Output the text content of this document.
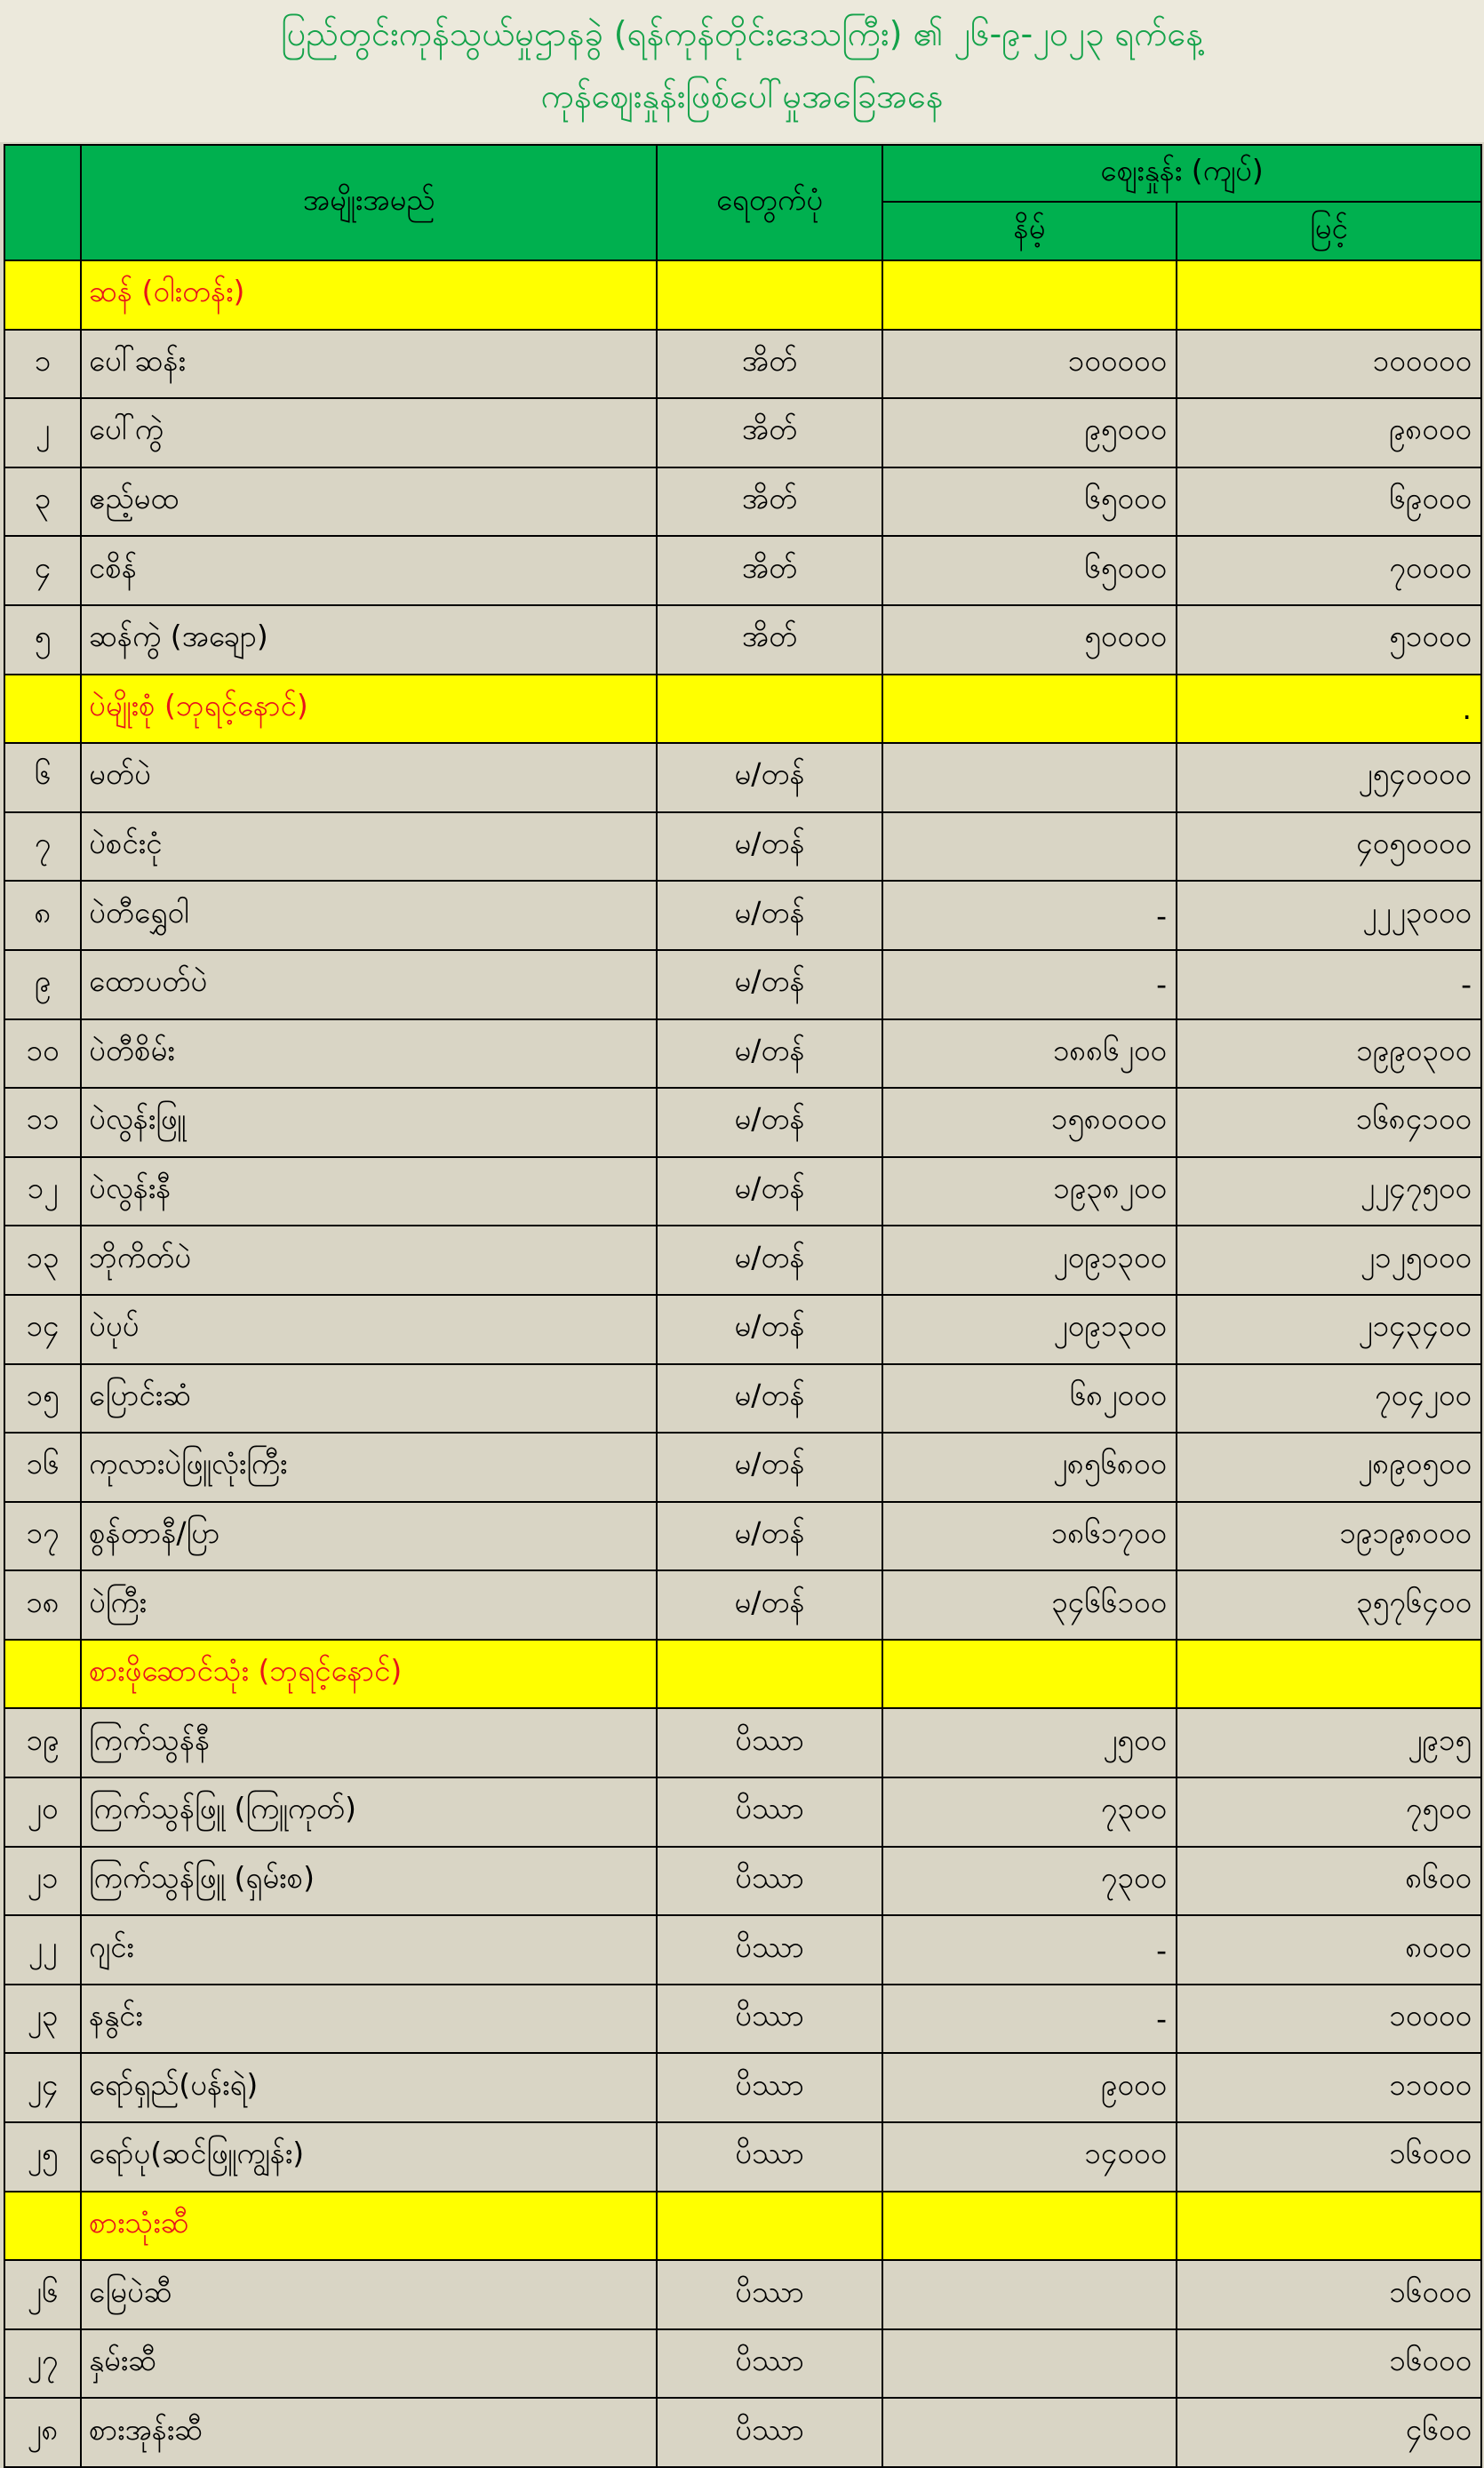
ပြည်တွင်းကုန်သွယ်မှုဌာနခွဲ (ရန်ကုန်တိုင်းဒေသကြီး) ၏ ၂၆-၉-၂၀၂၃ ရက်နေ့
ကုန်ဈေးနှုန်းဖြစ်ပေါ်မှုအခြေအနေ
	အမျိုးအမည်	ရေတွက်ပုံ	ဈေးနှုန်း (ကျပ်)	
			နိမ့်	မြင့်
	ဆန် (ဝါးတန်း)			
၁	ပေါ်ဆန်း	အိတ်	၁၀၀၀၀၀	၁၀၀၀၀၀
၂	ပေါ်ကွဲ	အိတ်	၉၅၀၀၀	၉၈၀၀၀
၃	ဧည့်မထ	အိတ်	၆၅၀၀၀	၆၉၀၀၀
၄	ငစိန်	အိတ်	၆၅၀၀၀	၇၀၀၀၀
၅	ဆန်ကွဲ (အချော)	အိတ်	၅၀၀၀၀	၅၁၀၀၀
	ပဲမျိုးစုံ (ဘုရင့်နောင်)			.
၆	မတ်ပဲ	မ/တန်		၂၅၄၀၀၀၀
၇	ပဲစင်းငုံ	မ/တန်		၄၀၅၀၀၀၀
၈	ပဲတီရွှေဝါ	မ/တန်	-	၂၂၂၃၀၀၀
၉	ထောပတ်ပဲ	မ/တန်	-	-
၁၀	ပဲတီစိမ်း	မ/တန်	၁၈၈၆၂၀၀	၁၉၉၀၃၀၀
၁၁	ပဲလွန်းဖြူ	မ/တန်	၁၅၈၀၀၀၀	၁၆၈၄၁၀၀
၁၂	ပဲလွန်းနီ	မ/တန်	၁၉၃၈၂၀၀	၂၂၄၇၅၀၀
၁၃	ဘိုကိတ်ပဲ	မ/တန်	၂၀၉၁၃၀၀	၂၁၂၅၀၀၀
၁၄	ပဲပုပ်	မ/တန်	၂၀၉၁၃၀၀	၂၁၄၃၄၀၀
၁၅	ပြောင်းဆံ	မ/တန်	၆၈၂၀၀၀	၇၀၄၂၀၀
၁၆	ကုလားပဲဖြူလုံးကြီး	မ/တန်	၂၈၅၆၈၀၀	၂၈၉၀၅၀၀
၁၇	စွန်တာနီ/ပြာ	မ/တန်	၁၈၆၁၇၀၀	၁၉၁၉၈၀၀၀
၁၈	ပဲကြီး	မ/တန်	၃၄၆၆၁၀၀	၃၅၇၆၄၀၀
	စားဖိုဆောင်သုံး (ဘုရင့်နောင်)			
၁၉	ကြက်သွန်နီ	ပိဿာ	၂၅၀၀	၂၉၁၅
၂၀	ကြက်သွန်ဖြူ (ကြူကုတ်)	ပိဿာ	၇၃၀၀	၇၅၀၀
၂၁	ကြက်သွန်ဖြူ (ရှမ်းစ)	ပိဿာ	၇၃၀၀	၈၆၀၀
၂၂	ဂျင်း	ပိဿာ	-	၈၀၀၀
၂၃	နနွင်း	ပိဿာ	-	၁၀၀၀၀
၂၄	ရော်ရှည်(ပန်းရဲ)	ပိဿာ	၉၀၀၀	၁၁၀၀၀
၂၅	ရော်ပု(ဆင်ဖြူကျွန်း)	ပိဿာ	၁၄၀၀၀	၁၆၀၀၀
	စားသုံးဆီ			
၂၆	မြေပဲဆီ	ပိဿာ		၁၆၀၀၀
၂၇	နှမ်းဆီ	ပိဿာ		၁၆၀၀၀
၂၈	စားအုန်းဆီ	ပိဿာ		၄၆၀၀
